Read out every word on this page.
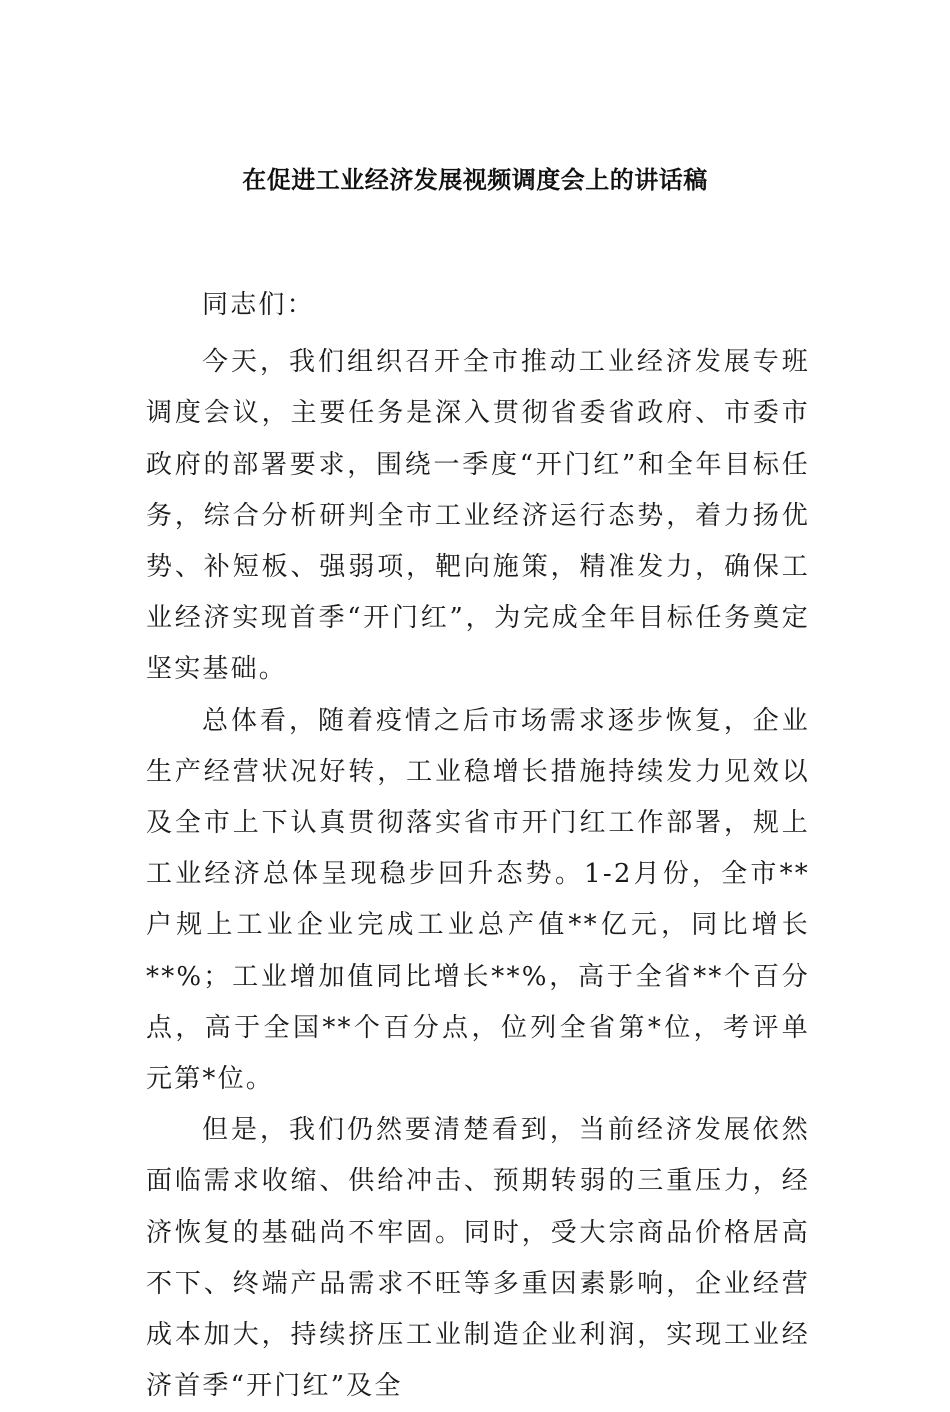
在促进工业经济发展视频调度会上的讲话稿

同志们：

今天，我们组织召开全市推动工业经济发展专班调度会议，主要任务是深入贯彻省委省政府、市委市政府的部署要求，围绕一季度“开门红”和全年目标任务，综合分析研判全市工业经济运行态势，着力扬优势、补短板、强弱项，靶向施策，精准发力，确保工业经济实现首季“开门红”，为完成全年目标任务奠定坚实基础。

总体看，随着疫情之后市场需求逐步恢复，企业生产经营状况好转，工业稳增长措施持续发力见效以及全市上下认真贯彻落实省市开门红工作部署，规上工业经济总体呈现稳步回升态势。1-2月份，全市**户规上工业企业完成工业总产值**亿元，同比增长**%；工业增加值同比增长**%，高于全省**个百分点，高于全国**个百分点，位列全省第*位，考评单元第*位。

但是，我们仍然要清楚看到，当前经济发展依然面临需求收缩、供给冲击、预期转弱的三重压力，经济恢复的基础尚不牢固。同时，受大宗商品价格居高不下、终端产品需求不旺等多重因素影响，企业经营成本加大，持续挤压工业制造企业利润，实现工业经济首季“开门红”及全
